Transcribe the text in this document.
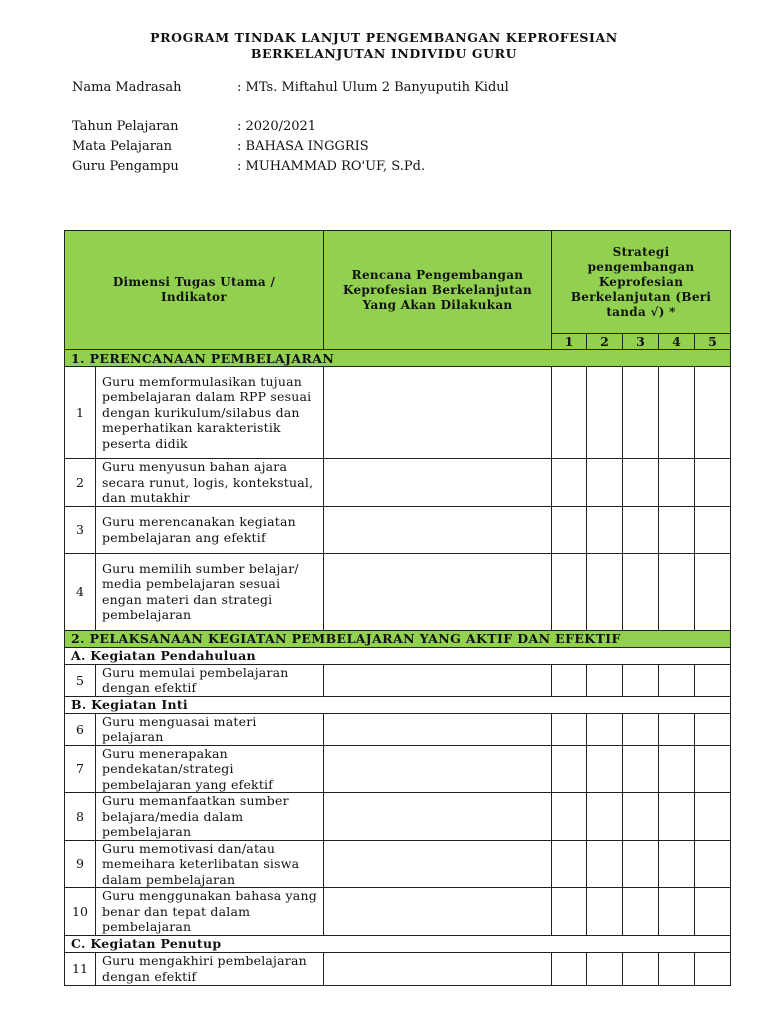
PROGRAM TINDAK LANJUT PENGEMBANGAN KEPROFESIAN
BERKELANJUTAN INDIVIDU GURU
Nama Madrasah	: MTs. Miftahul Ulum 2 Banyuputih Kidul
Tahun Pelajaran	: 2020/2021
Mata Pelajaran	: BAHASA INGGRIS
Guru Pengampu	: MUHAMMAD RO'UF, S.Pd.
Dimensi Tugas Utama / Indikator		Rencana Pengembangan Keprofesian Berkelanjutan Yang Akan Dilakukan	Strategi pengembangan Keprofesian Berkelanjutan (Beri tanda √) *				
			1	2	3	4	5
1. PERENCANAAN PEMBELAJARAN							
1	Guru memformulasikan tujuan pembelajaran dalam RPP sesuai dengan kurikulum/silabus dan meperhatikan karakteristik peserta didik						
2	Guru menyusun bahan ajara secara runut, logis, kontekstual, dan mutakhir						
3	Guru merencanakan kegiatan pembelajaran ang efektif						
4	Guru memilih sumber belajar/ media pembelajaran sesuai engan materi dan strategi pembelajaran						
2. PELAKSANAAN KEGIATAN PEMBELAJARAN YANG AKTIF DAN EFEKTIF							
A. Kegiatan Pendahuluan							
5	Guru memulai pembelajaran dengan efektif						
B. Kegiatan Inti							
6	Guru menguasai materi pelajaran						
7	Guru menerapakan pendekatan/strategi pembelajaran yang efektif						
8	Guru memanfaatkan sumber belajara/media dalam pembelajaran						
9	Guru memotivasi dan/atau memeihara keterlibatan siswa dalam pembelajaran						
10	Guru menggunakan bahasa yang benar dan tepat dalam pembelajaran						
C. Kegiatan Penutup							
11	Guru mengakhiri pembelajaran dengan efektif						
